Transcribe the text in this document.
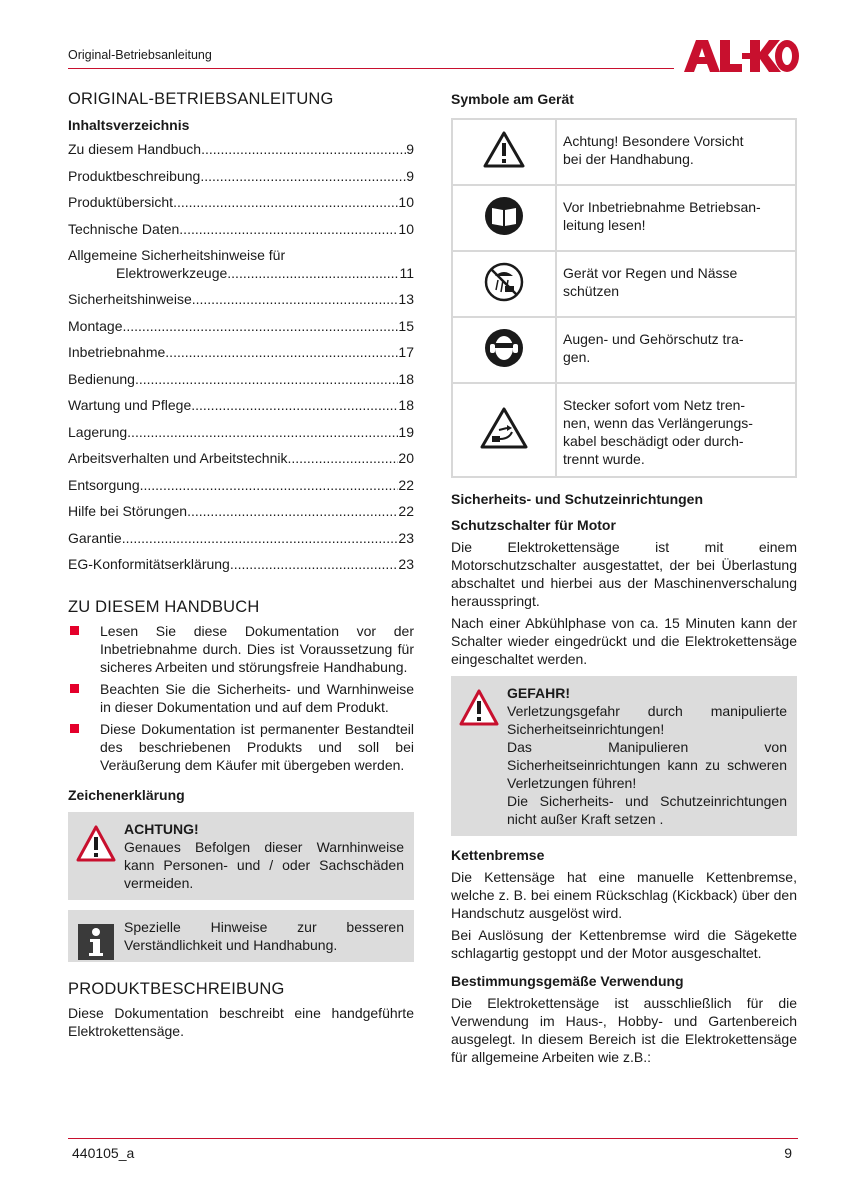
Original-Betriebsanleitung
ORIGINAL-BETRIEBSANLEITUNG
Inhaltsverzeichnis
Zu diesem Handbuch .....	9
Produktbeschreibung .....	9
Produktübersicht .....	10
Technische Daten .....	10
Allgemeine Sicherheitshinweise für
Elektrowerkzeuge .....	11
Sicherheitshinweise .....	13
Montage .....	15
Inbetriebnahme .....	17
Bedienung .....	18
Wartung und Pflege .....	18
Lagerung .....	19
Arbeitsverhalten und Arbeitstechnik .....	20
Entsorgung .....	22
Hilfe bei Störungen .....	22
Garantie .....	23
EG-Konformitätserklärung .....	23
ZU DIESEM HANDBUCH
Lesen Sie diese Dokumentation vor der Inbetriebnahme durch. Dies ist Voraussetzung für sicheres Arbeiten und störungsfreie Handhabung.
Beachten Sie die Sicherheits- und Warnhinweise in dieser Dokumentation und auf dem Produkt.
Diese Dokumentation ist permanenter Bestandteil des beschriebenen Produkts und soll bei Veräußerung dem Käufer mit übergeben werden.
Zeichenerklärung

ACHTUNG!

Genaues Befolgen dieser Warnhinweise kann Personen- und / oder Sachschäden vermeiden.

Spezielle Hinweise zur besseren Verständlichkeit und Handhabung.

PRODUKTBESCHREIBUNG

Diese Dokumentation beschreibt eine handgeführte Elektrokettensäge.

Symbole am Gerät

Achtung! Besondere Vorsicht
bei der Handhabung.

Vor Inbetriebnahme Betriebsan-
leitung lesen!

Gerät vor Regen und Nässe
schützen

Augen- und Gehörschutz tra-
gen.

Stecker sofort vom Netz tren-
nen, wenn das Verlängerungs-
kabel beschädigt oder durch-
trennt wurde.
Sicherheits- und Schutzeinrichtungen
Schutzschalter für Motor

Die Elektrokettensäge ist mit einem Motorschutzschalter ausgestattet, der bei Überlastung abschaltet und hierbei aus der Maschinenverschalung herausspringt.

Nach einer Abkühlphase von ca. 15 Minuten kann der Schalter wieder eingedrückt und die Elektrokettensäge eingeschaltet werden.

GEFAHR!

Verletzungsgefahr durch manipulierte Sicherheitseinrichtungen!

Das Manipulieren von Sicherheitseinrichtungen kann zu schweren Verletzungen führen!

Die Sicherheits- und Schutzeinrichtungen nicht außer Kraft setzen .

Kettenbremse

Die Kettensäge hat eine manuelle Kettenbremse, welche z. B. bei einem Rückschlag (Kickback) über den Handschutz ausgelöst wird.

Bei Auslösung der Kettenbremse wird die Sägekette schlagartig gestoppt und der Motor ausgeschaltet.

Bestimmungsgemäße Verwendung

Die Elektrokettensäge ist ausschließlich für die Verwendung im Haus-, Hobby- und Gartenbereich ausgelegt. In diesem Bereich ist die Elektrokettensäge für allgemeine Arbeiten wie z.B.:

440105_a	9
